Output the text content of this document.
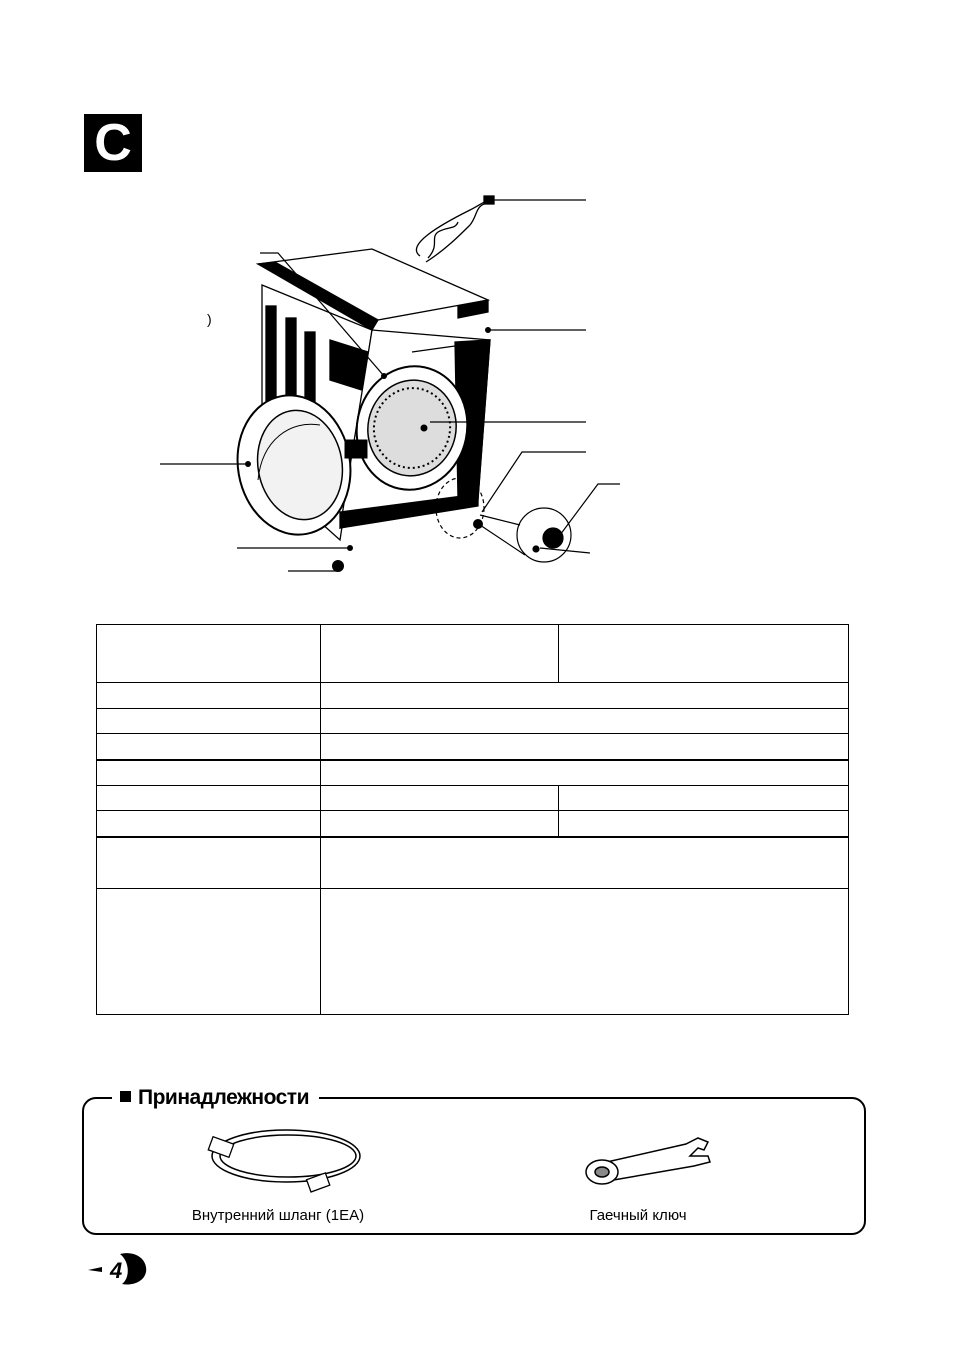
C
)

Принадлежности
Внутренний шланг (1EA)	Гаечный ключ
4
